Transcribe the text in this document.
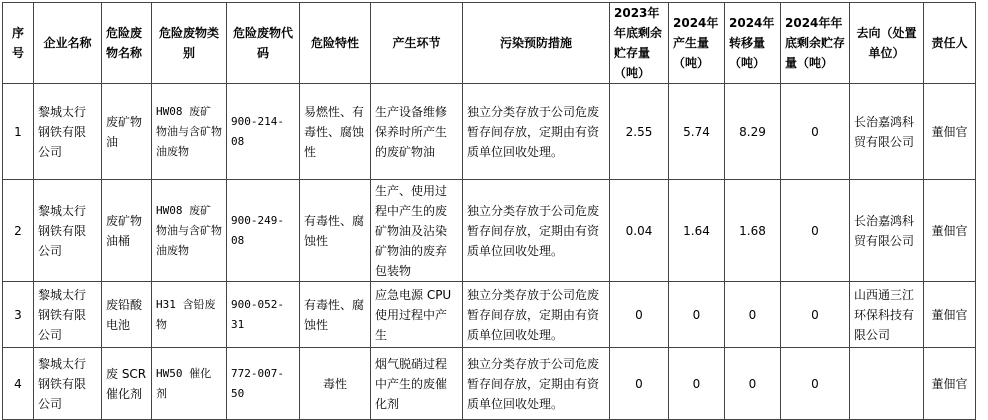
序号	企业名称	危险废物名称	危险废物类别	危险废物代码	危险特性	产生环节	污染预防措施	2023年年底剩余贮存量（吨）	2024年产生量（吨）	2024年转移量（吨）	2024年年底剩余贮存量（吨）	去向（处置单位）	责任人
1	黎城太行钢铁有限公司	废矿物油	HW08 废矿物油与含矿物油废物	900-214-08	易燃性、有毒性、腐蚀性	生产设备维修保养时所产生的废矿物油	独立分类存放于公司危废暂存间存放，定期由有资质单位回收处理。	2.55	5.74	8.29	0	长治嘉鸿科贸有限公司	董佃官
2	黎城太行钢铁有限公司	废矿物油桶	HW08 废矿物油与含矿物油废物	900-249-08	有毒性、腐蚀性	生产、使用过程中产生的废矿物油及沾染矿物油的废弃包装物	独立分类存放于公司危废暂存间存放，定期由有资质单位回收处理。	0.04	1.64	1.68	0	长治嘉鸿科贸有限公司	董佃官
3	黎城太行钢铁有限公司	废铅酸电池	H31 含铅废物	900-052-31	有毒性、腐蚀性	应急电源 CPU 使用过程中产生	独立分类存放于公司危废暂存间存放，定期由有资质单位回收处理。	0	0	0	0	山西通三江环保科技有限公司	董佃官
4	黎城太行钢铁有限公司	废 SCR 催化剂	HW50 催化剂	772-007-50	毒性	烟气脱硝过程中产生的废催化剂	独立分类存放于公司危废暂存间存放，定期由有资质单位回收处理。	0	0	0	0		董佃官
